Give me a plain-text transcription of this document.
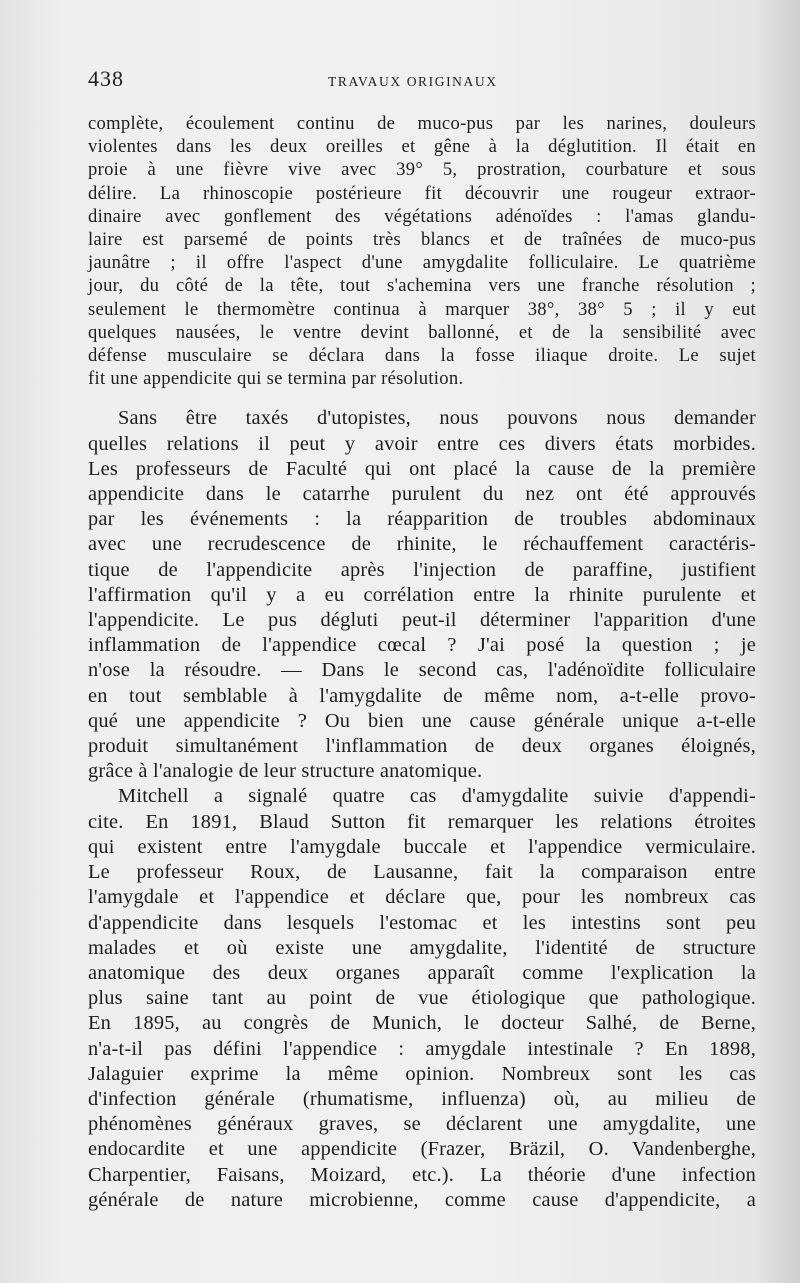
438	TRAVAUX ORIGINAUX
complète, écoulement continu de muco-pus par les narines, douleurs
violentes dans les deux oreilles et gêne à la déglutition. Il était en
proie à une fièvre vive avec 39° 5, prostration, courbature et sous
délire. La rhinoscopie postérieure fit découvrir une rougeur extraor-
dinaire avec gonflement des végétations adénoïdes : l'amas glandu-
laire est parsemé de points très blancs et de traînées de muco-pus
jaunâtre ; il offre l'aspect d'une amygdalite folliculaire. Le quatrième
jour, du côté de la tête, tout s'achemina vers une franche résolution ;
seulement le thermomètre continua à marquer 38°, 38° 5 ; il y eut
quelques nausées, le ventre devint ballonné, et de la sensibilité avec
défense musculaire se déclara dans la fosse iliaque droite. Le sujet
fit une appendicite qui se termina par résolution.
Sans être taxés d'utopistes, nous pouvons nous demander
quelles relations il peut y avoir entre ces divers états morbides.
Les professeurs de Faculté qui ont placé la cause de la première
appendicite dans le catarrhe purulent du nez ont été approuvés
par les événements : la réapparition de troubles abdominaux
avec une recrudescence de rhinite, le réchauffement caractéris-
tique de l'appendicite après l'injection de paraffine, justifient
l'affirmation qu'il y a eu corrélation entre la rhinite purulente et
l'appendicite. Le pus dégluti peut-il déterminer l'apparition d'une
inflammation de l'appendice cœcal ? J'ai posé la question ; je
n'ose la résoudre. — Dans le second cas, l'adénoïdite folliculaire
en tout semblable à l'amygdalite de même nom, a-t-elle provo-
qué une appendicite ? Ou bien une cause générale unique a-t-elle
produit simultanément l'inflammation de deux organes éloignés,
grâce à l'analogie de leur structure anatomique.
Mitchell a signalé quatre cas d'amygdalite suivie d'appendi-
cite. En 1891, Blaud Sutton fit remarquer les relations étroites
qui existent entre l'amygdale buccale et l'appendice vermiculaire.
Le professeur Roux, de Lausanne, fait la comparaison entre
l'amygdale et l'appendice et déclare que, pour les nombreux cas
d'appendicite dans lesquels l'estomac et les intestins sont peu
malades et où existe une amygdalite, l'identité de structure
anatomique des deux organes apparaît comme l'explication la
plus saine tant au point de vue étiologique que pathologique.
En 1895, au congrès de Munich, le docteur Salhé, de Berne,
n'a-t-il pas défini l'appendice : amygdale intestinale ? En 1898,
Jalaguier exprime la même opinion. Nombreux sont les cas
d'infection générale (rhumatisme, influenza) où, au milieu de
phénomènes généraux graves, se déclarent une amygdalite, une
endocardite et une appendicite (Frazer, Bräzil, O. Vandenberghe,
Charpentier, Faisans, Moizard, etc.). La théorie d'une infection
générale de nature microbienne, comme cause d'appendicite, a
